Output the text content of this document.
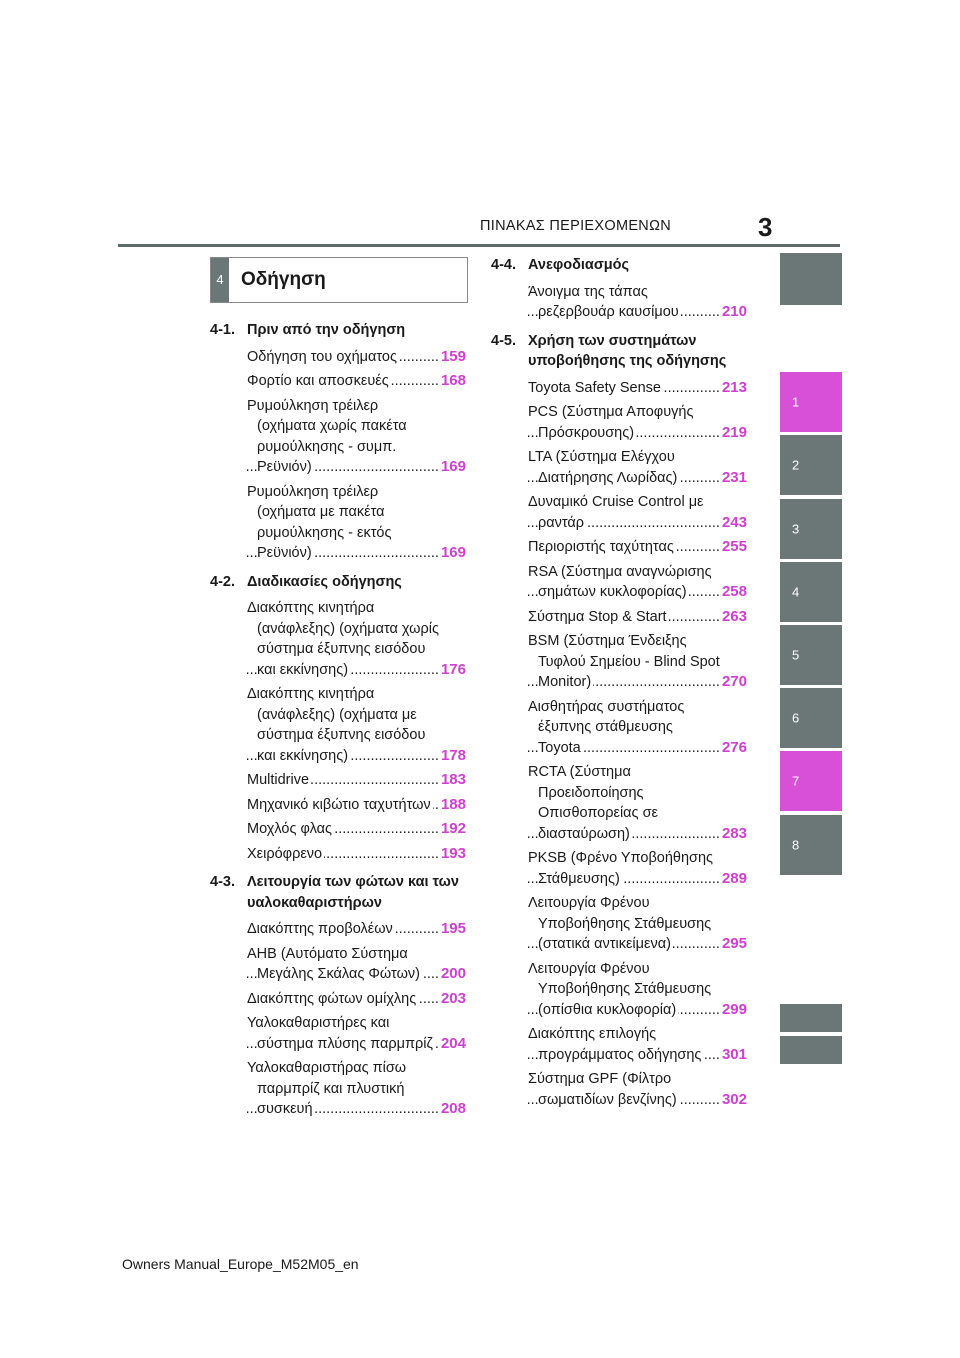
3
ΠΙΝΑΚΑΣ ΠΕΡΙΕΧΟΜΕΝΩΝ
4 Οδήγηση
4-1. Πριν από την οδήγηση
Οδήγηση του οχήματος .....	159
Φορτίο και αποσκευές .....	168
Ρυμούλκηση τρέιλερ (οχήματα χωρίς πακέτα ρυμούλκησης - συμπ. Ρεϋνιόν) .....	169
Ρυμούλκηση τρέιλερ (οχήματα με πακέτα ρυμούλκησης - εκτός Ρεϋνιόν) .....	169
4-2. Διαδικασίες οδήγησης
Διακόπτης κινητήρα (ανάφλεξης) (οχήματα χωρίς σύστημα έξυπνης εισόδου και εκκίνησης) .....	176
Διακόπτης κινητήρα (ανάφλεξης) (οχήματα με σύστημα έξυπνης εισόδου και εκκίνησης) .....	178
Multidrive .....	183
Μηχανικό κιβώτιο ταχυτήτων ..... 188
Μοχλός φλας .....	192
Χειρόφρενο .....	193
4-3. Λειτουργία των φώτων και των υαλοκαθαριστήρων
Διακόπτης προβολέων .....	195
AHB (Αυτόματο Σύστημα Μεγάλης Σκάλας Φώτων) .....	200
Διακόπτης φώτων ομίχλης .....	203
Υαλοκαθαριστήρες και σύστημα πλύσης παρμπρίζ ..... 204
Υαλοκαθαριστήρας πίσω παρμπρίζ και πλυστική συσκευή .....	208
4-4. Ανεφοδιασμός
Άνοιγμα της τάπας ρεζερβουάρ καυσίμου .....	210
4-5. Χρήση των συστημάτων υποβοήθησης της οδήγησης
Toyota Safety Sense .....	213
PCS (Σύστημα Αποφυγής Πρόσκρουσης) .....	219
LTA (Σύστημα Ελέγχου Διατήρησης Λωρίδας) .....	231
Δυναμικό Cruise Control με ραντάρ .....	243
Περιοριστής ταχύτητας .....	255
RSA (Σύστημα αναγνώρισης σημάτων κυκλοφορίας) .....	258
Σύστημα Stop & Start .....	263
BSM (Σύστημα Ένδειξης Τυφλού Σημείου - Blind Spot Monitor) .....	270
Αισθητήρας συστήματος έξυπνης στάθμευσης Toyota .....	276
RCTA (Σύστημα Προειδοποίησης Οπισθοπορείας σε διασταύρωση) .....	283
PKSB (Φρένο Υποβοήθησης Στάθμευσης) .....	289
Λειτουργία Φρένου Υποβοήθησης Στάθμευσης (στατικά αντικείμενα) .....	295
Λειτουργία Φρένου Υποβοήθησης Στάθμευσης (οπίσθια κυκλοφορία) .....	299
Διακόπτης επιλογής προγράμματος οδήγησης .....	301
Σύστημα GPF (Φίλτρο σωματιδίων βενζίνης) .....	302
1
2
3
4
5
6
7
8
Owners Manual_Europe_M52M05_en
